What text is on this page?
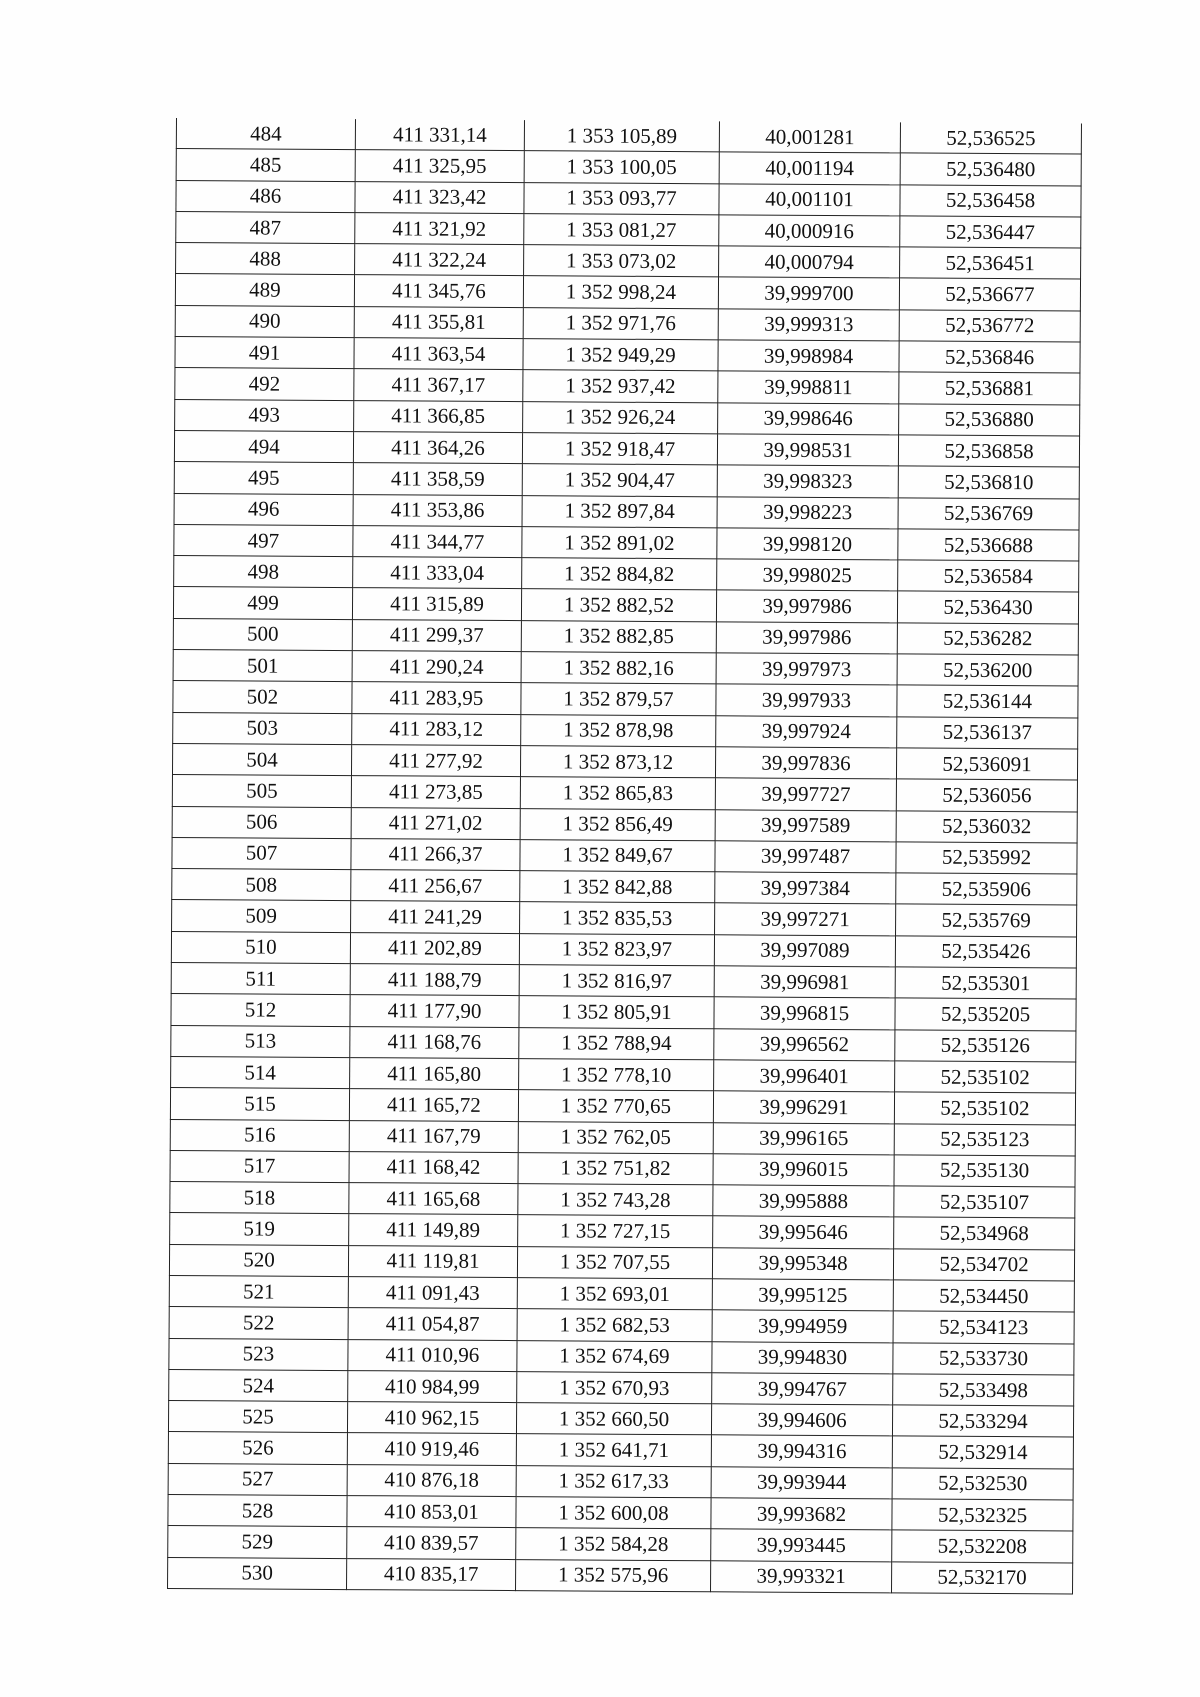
484	411 331,14	1 353 105,89	40,001281	52,536525
485	411 325,95	1 353 100,05	40,001194	52,536480
486	411 323,42	1 353 093,77	40,001101	52,536458
487	411 321,92	1 353 081,27	40,000916	52,536447
488	411 322,24	1 353 073,02	40,000794	52,536451
489	411 345,76	1 352 998,24	39,999700	52,536677
490	411 355,81	1 352 971,76	39,999313	52,536772
491	411 363,54	1 352 949,29	39,998984	52,536846
492	411 367,17	1 352 937,42	39,998811	52,536881
493	411 366,85	1 352 926,24	39,998646	52,536880
494	411 364,26	1 352 918,47	39,998531	52,536858
495	411 358,59	1 352 904,47	39,998323	52,536810
496	411 353,86	1 352 897,84	39,998223	52,536769
497	411 344,77	1 352 891,02	39,998120	52,536688
498	411 333,04	1 352 884,82	39,998025	52,536584
499	411 315,89	1 352 882,52	39,997986	52,536430
500	411 299,37	1 352 882,85	39,997986	52,536282
501	411 290,24	1 352 882,16	39,997973	52,536200
502	411 283,95	1 352 879,57	39,997933	52,536144
503	411 283,12	1 352 878,98	39,997924	52,536137
504	411 277,92	1 352 873,12	39,997836	52,536091
505	411 273,85	1 352 865,83	39,997727	52,536056
506	411 271,02	1 352 856,49	39,997589	52,536032
507	411 266,37	1 352 849,67	39,997487	52,535992
508	411 256,67	1 352 842,88	39,997384	52,535906
509	411 241,29	1 352 835,53	39,997271	52,535769
510	411 202,89	1 352 823,97	39,997089	52,535426
511	411 188,79	1 352 816,97	39,996981	52,535301
512	411 177,90	1 352 805,91	39,996815	52,535205
513	411 168,76	1 352 788,94	39,996562	52,535126
514	411 165,80	1 352 778,10	39,996401	52,535102
515	411 165,72	1 352 770,65	39,996291	52,535102
516	411 167,79	1 352 762,05	39,996165	52,535123
517	411 168,42	1 352 751,82	39,996015	52,535130
518	411 165,68	1 352 743,28	39,995888	52,535107
519	411 149,89	1 352 727,15	39,995646	52,534968
520	411 119,81	1 352 707,55	39,995348	52,534702
521	411 091,43	1 352 693,01	39,995125	52,534450
522	411 054,87	1 352 682,53	39,994959	52,534123
523	411 010,96	1 352 674,69	39,994830	52,533730
524	410 984,99	1 352 670,93	39,994767	52,533498
525	410 962,15	1 352 660,50	39,994606	52,533294
526	410 919,46	1 352 641,71	39,994316	52,532914
527	410 876,18	1 352 617,33	39,993944	52,532530
528	410 853,01	1 352 600,08	39,993682	52,532325
529	410 839,57	1 352 584,28	39,993445	52,532208
530	410 835,17	1 352 575,96	39,993321	52,532170
